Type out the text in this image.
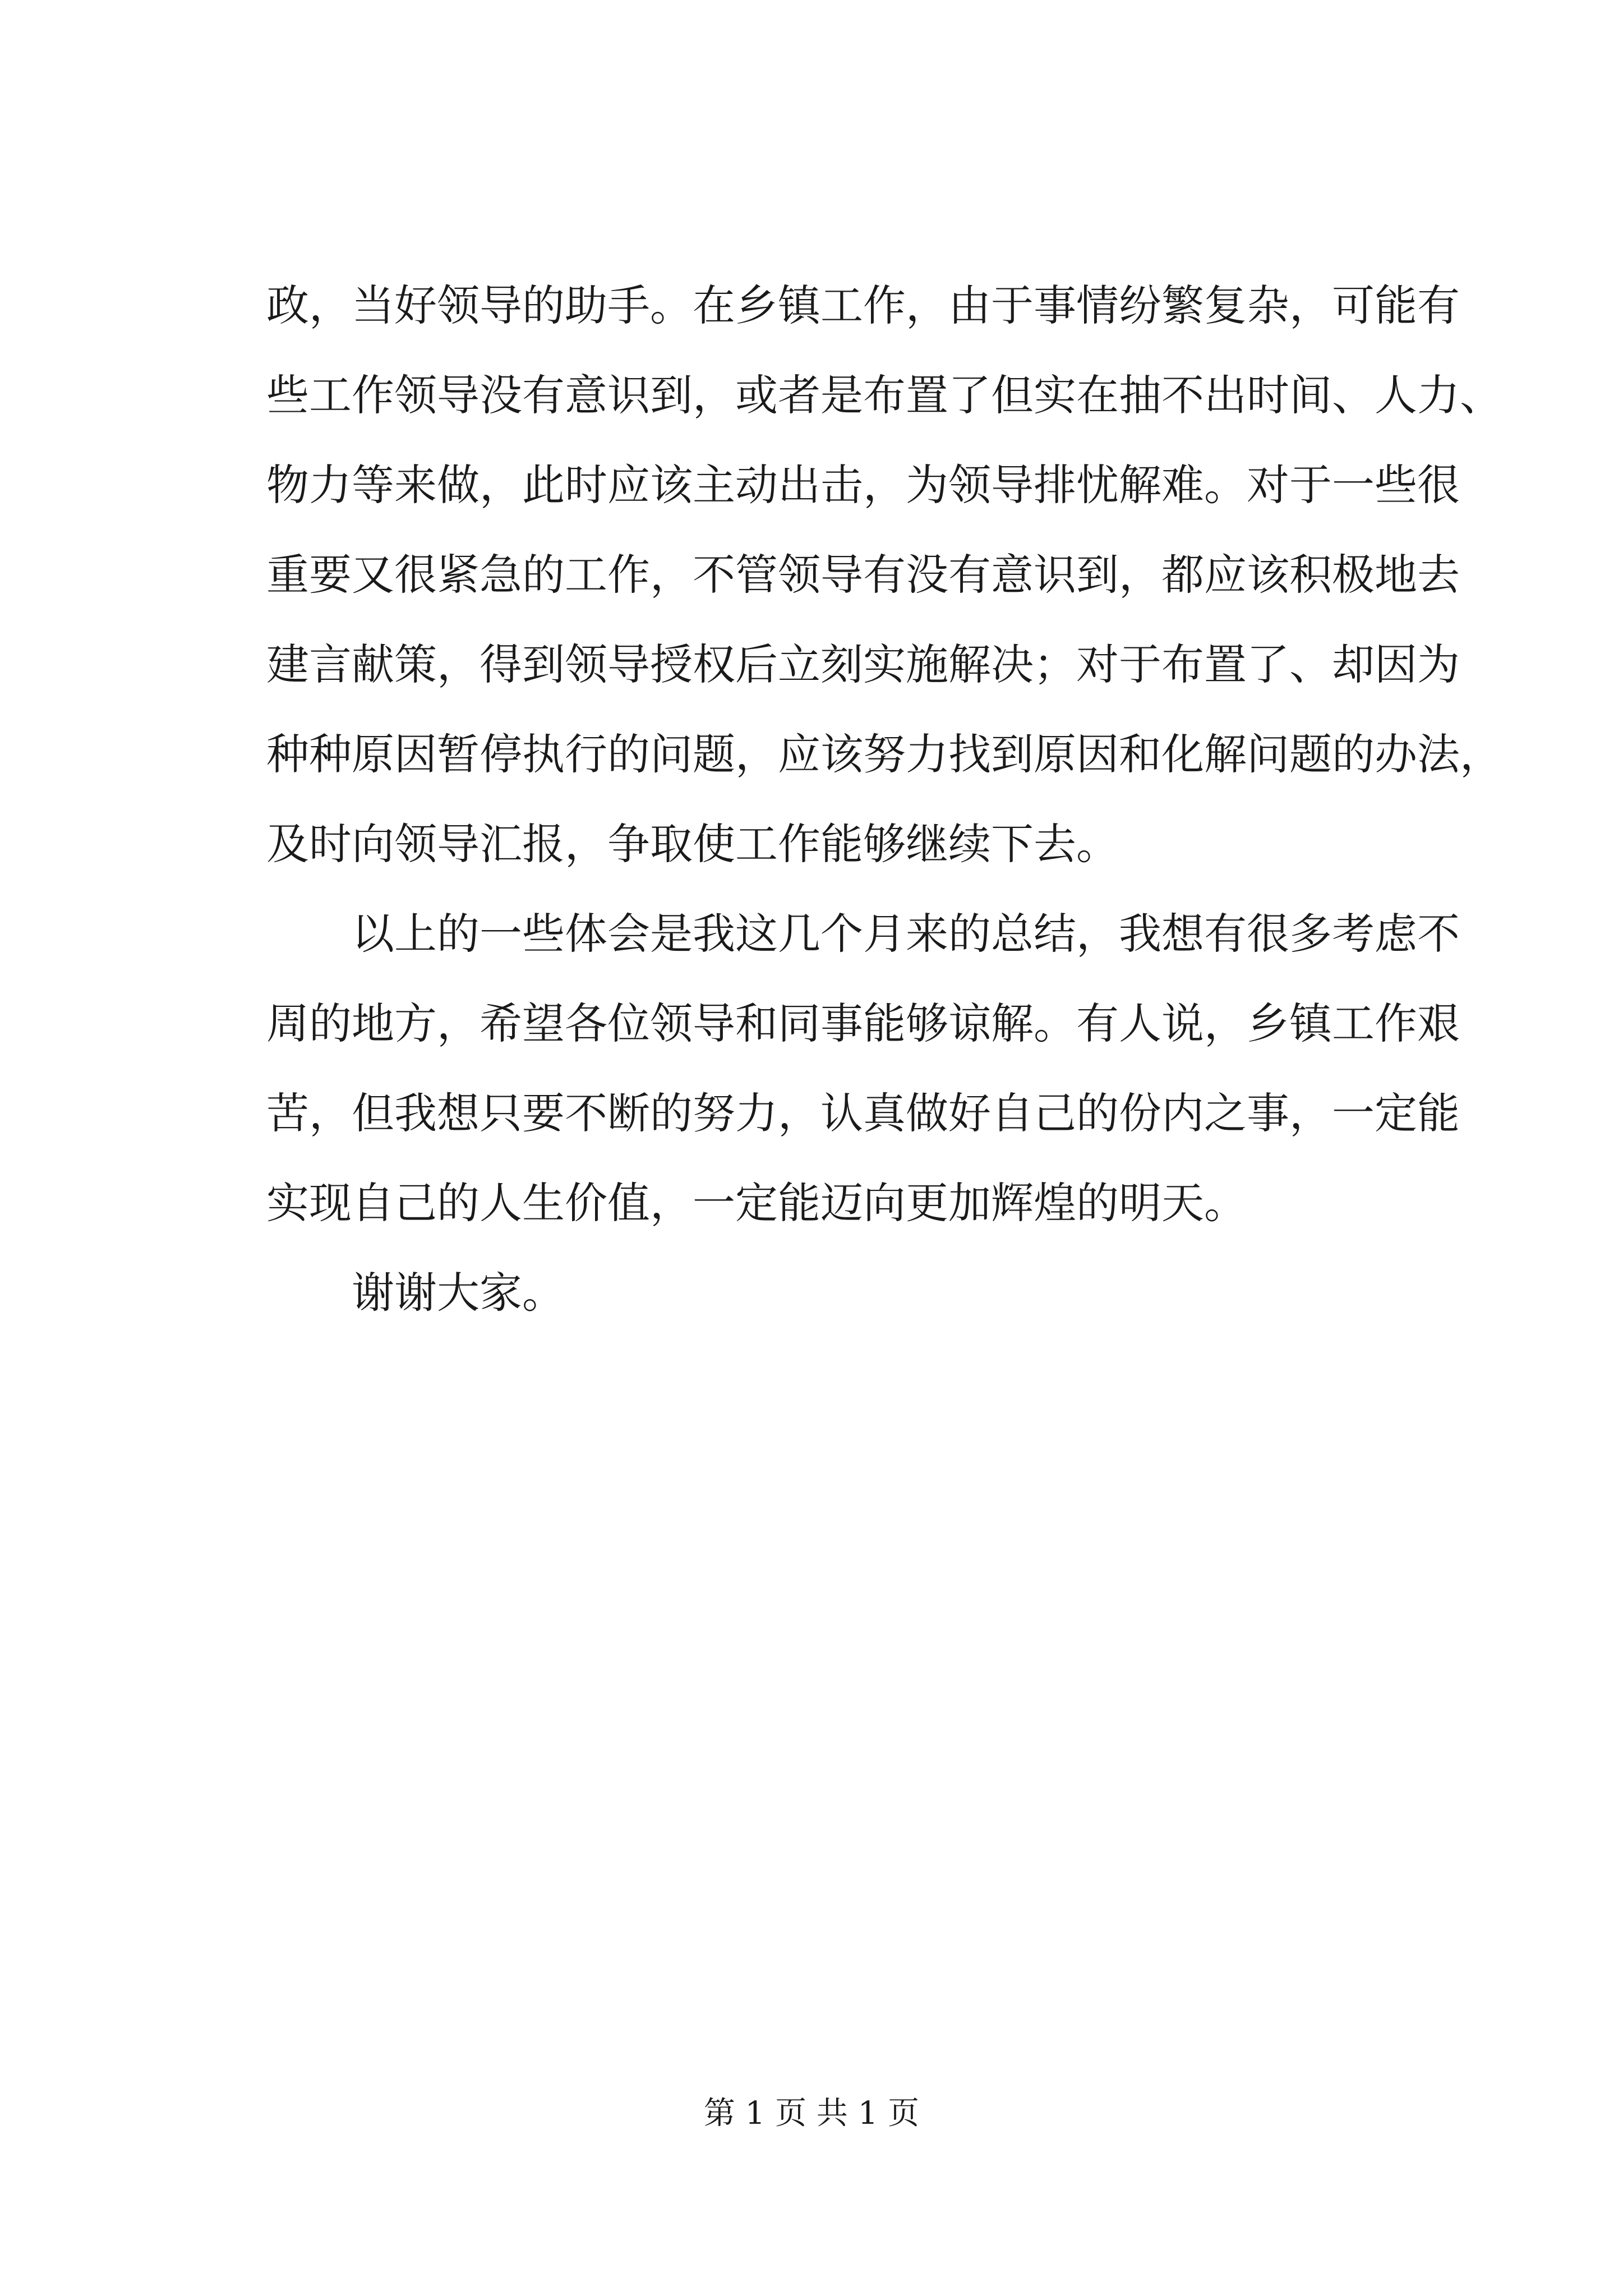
政，当好领导的助手。在乡镇工作，由于事情纷繁复杂，可能有
些工作领导没有意识到，或者是布置了但实在抽不出时间、人力、
物力等来做，此时应该主动出击，为领导排忧解难。对于一些很
重要又很紧急的工作，不管领导有没有意识到，都应该积极地去
建言献策，得到领导授权后立刻实施解决；对于布置了、却因为
种种原因暂停执行的问题，应该努力找到原因和化解问题的办法，
及时向领导汇报，争取使工作能够继续下去。
以上的一些体会是我这几个月来的总结，我想有很多考虑不
周的地方，希望各位领导和同事能够谅解。有人说，乡镇工作艰
苦，但我想只要不断的努力，认真做好自己的份内之事，一定能
实现自己的人生价值，一定能迈向更加辉煌的明天。
谢谢大家。
第 1 页 共 1 页
